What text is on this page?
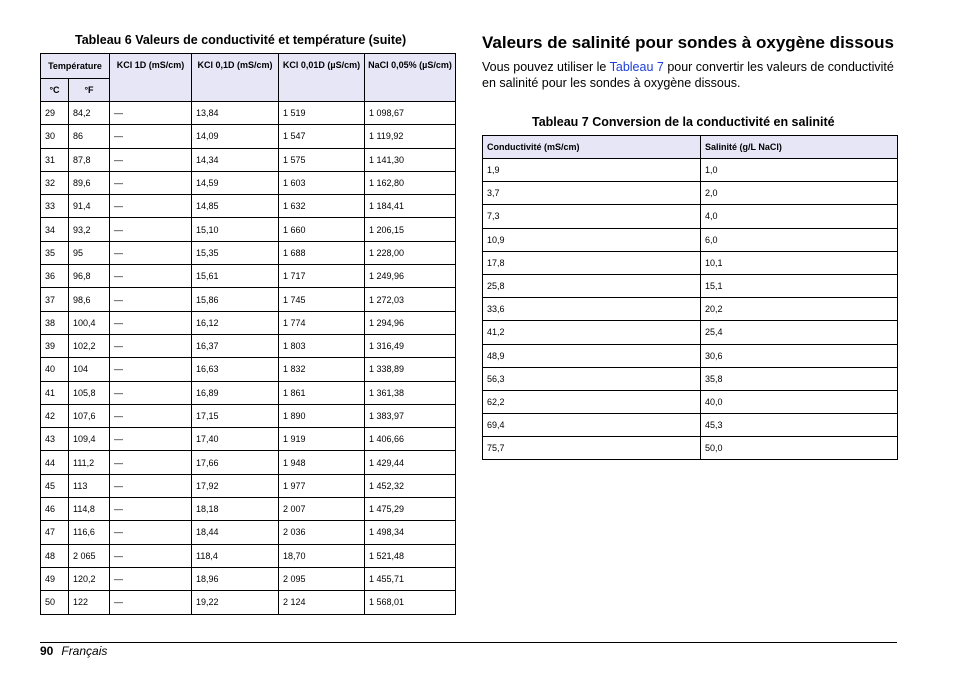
Tableau 6 Valeurs de conductivité et température (suite)
Température		KCl 1D (mS/cm)	KCl 0,1D (mS/cm)	KCl 0,01D (µS/cm)	NaCl 0,05% (µS/cm)
°C	°F				
29	84,2	—	13,84	1 519	1 098,67
30	86	—	14,09	1 547	1 119,92
31	87,8	—	14,34	1 575	1 141,30
32	89,6	—	14,59	1 603	1 162,80
33	91,4	—	14,85	1 632	1 184,41
34	93,2	—	15,10	1 660	1 206,15
35	95	—	15,35	1 688	1 228,00
36	96,8	—	15,61	1 717	1 249,96
37	98,6	—	15,86	1 745	1 272,03
38	100,4	—	16,12	1 774	1 294,96
39	102,2	—	16,37	1 803	1 316,49
40	104	—	16,63	1 832	1 338,89
41	105,8	—	16,89	1 861	1 361,38
42	107,6	—	17,15	1 890	1 383,97
43	109,4	—	17,40	1 919	1 406,66
44	111,2	—	17,66	1 948	1 429,44
45	113	—	17,92	1 977	1 452,32
46	114,8	—	18,18	2 007	1 475,29
47	116,6	—	18,44	2 036	1 498,34
48	2 065	—	118,4	18,70	1 521,48
49	120,2	—	18,96	2 095	1 455,71
50	122	—	19,22	2 124	1 568,01
Valeurs de salinité pour sondes à oxygène dissous
Vous pouvez utiliser le Tableau 7 pour convertir les valeurs de conductivité en salinité pour les sondes à oxygène dissous.
Tableau 7 Conversion de la conductivité en salinité
Conductivité (mS/cm)	Salinité (g/L NaCl)
1,9	1,0
3,7	2,0
7,3	4,0
10,9	6,0
17,8	10,1
25,8	15,1
33,6	20,2
41,2	25,4
48,9	30,6
56,3	35,8
62,2	40,0
69,4	45,3
75,7	50,0
90 Français
